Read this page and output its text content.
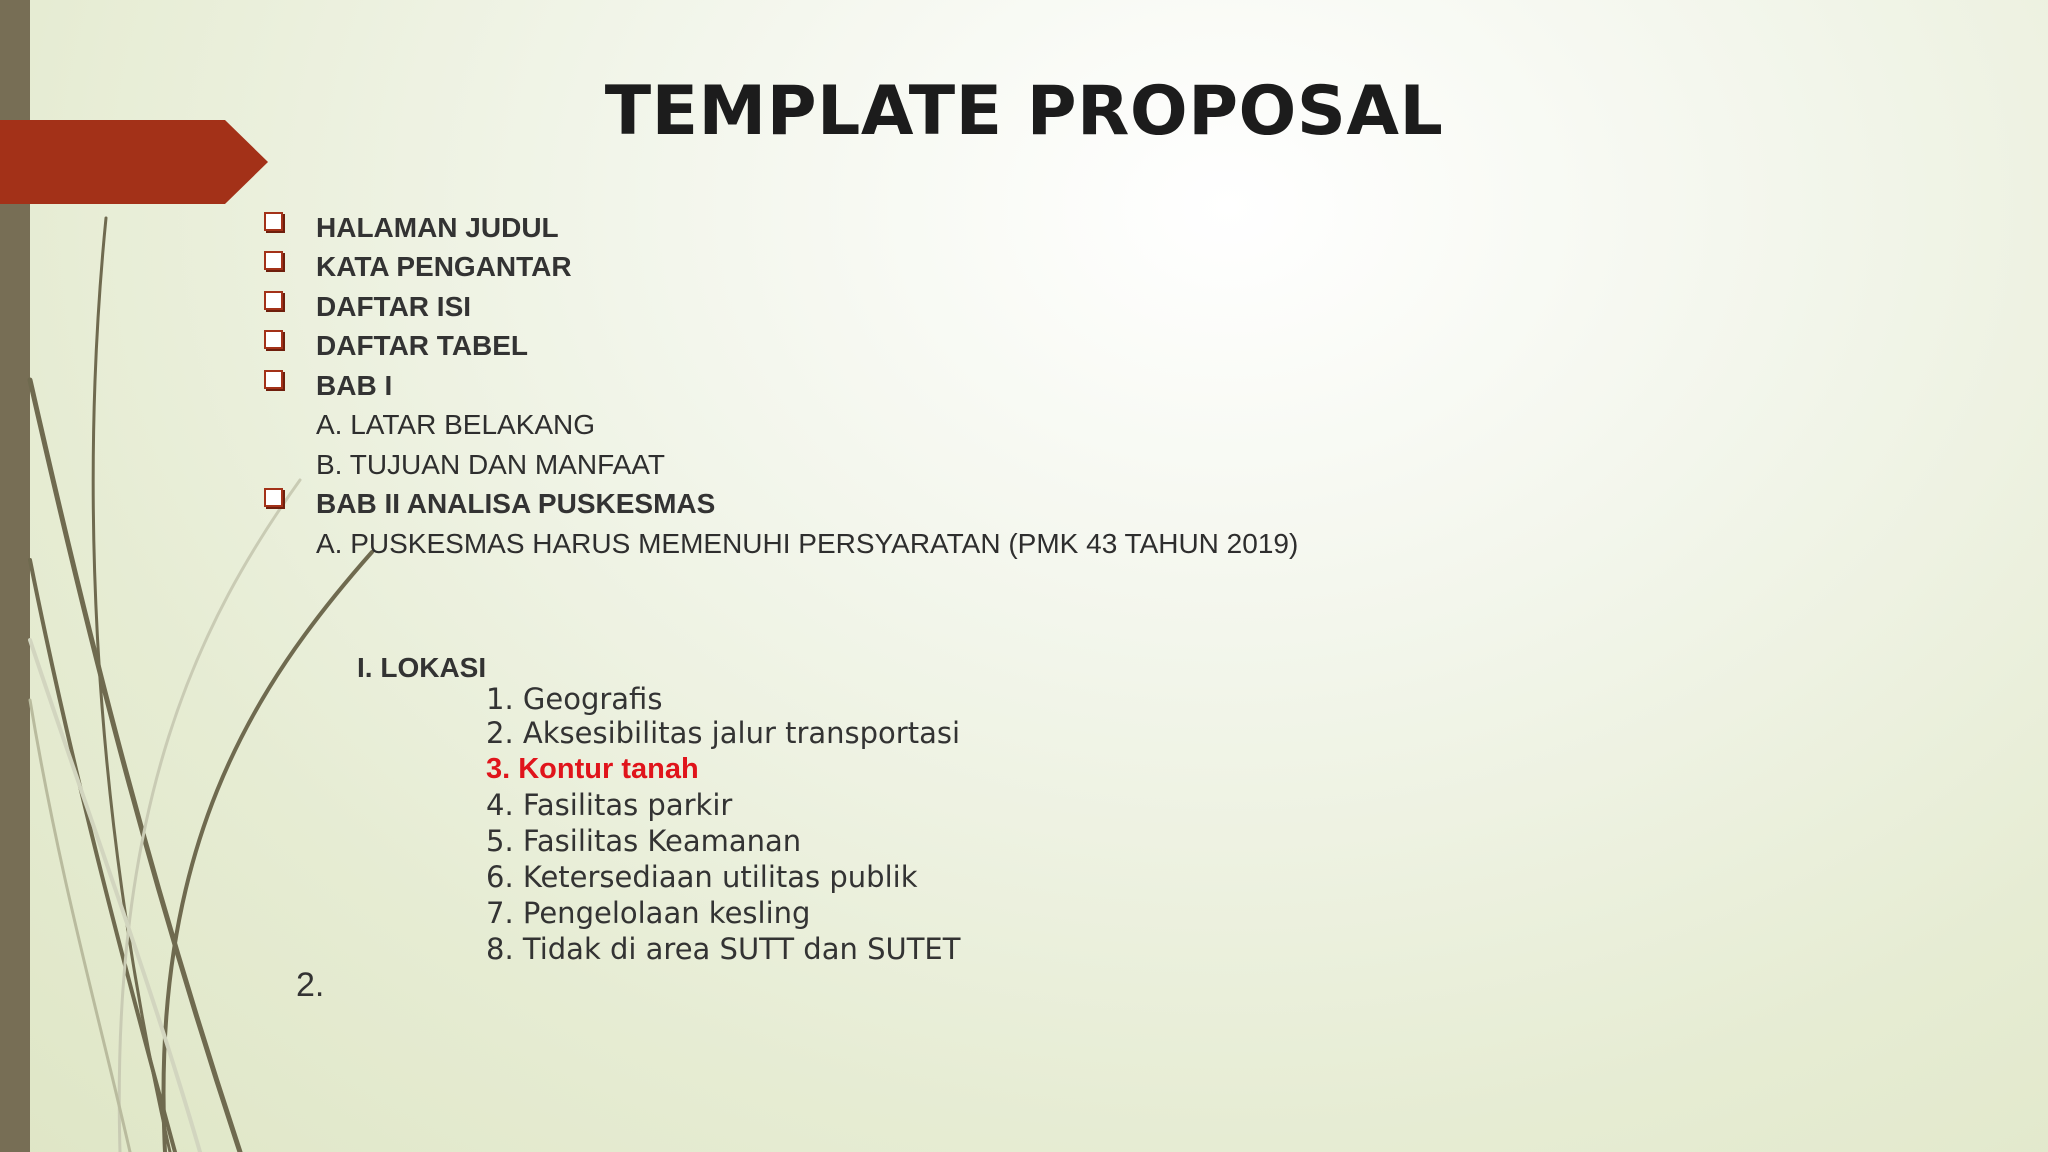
TEMPLATE PROPOSAL
HALAMAN JUDUL
KATA PENGANTAR
DAFTAR ISI
DAFTAR TABEL
BAB I
A. LATAR BELAKANG
B. TUJUAN DAN MANFAAT
BAB II ANALISA PUSKESMAS
A. PUSKESMAS HARUS MEMENUHI PERSYARATAN (PMK 43 TAHUN 2019)
I. LOKASI
1. Geografis
2. Aksesibilitas jalur transportasi
3. Kontur tanah
4. Fasilitas parkir
5. Fasilitas Keamanan
6. Ketersediaan utilitas publik
7. Pengelolaan kesling
8. Tidak di area SUTT dan SUTET
2.
